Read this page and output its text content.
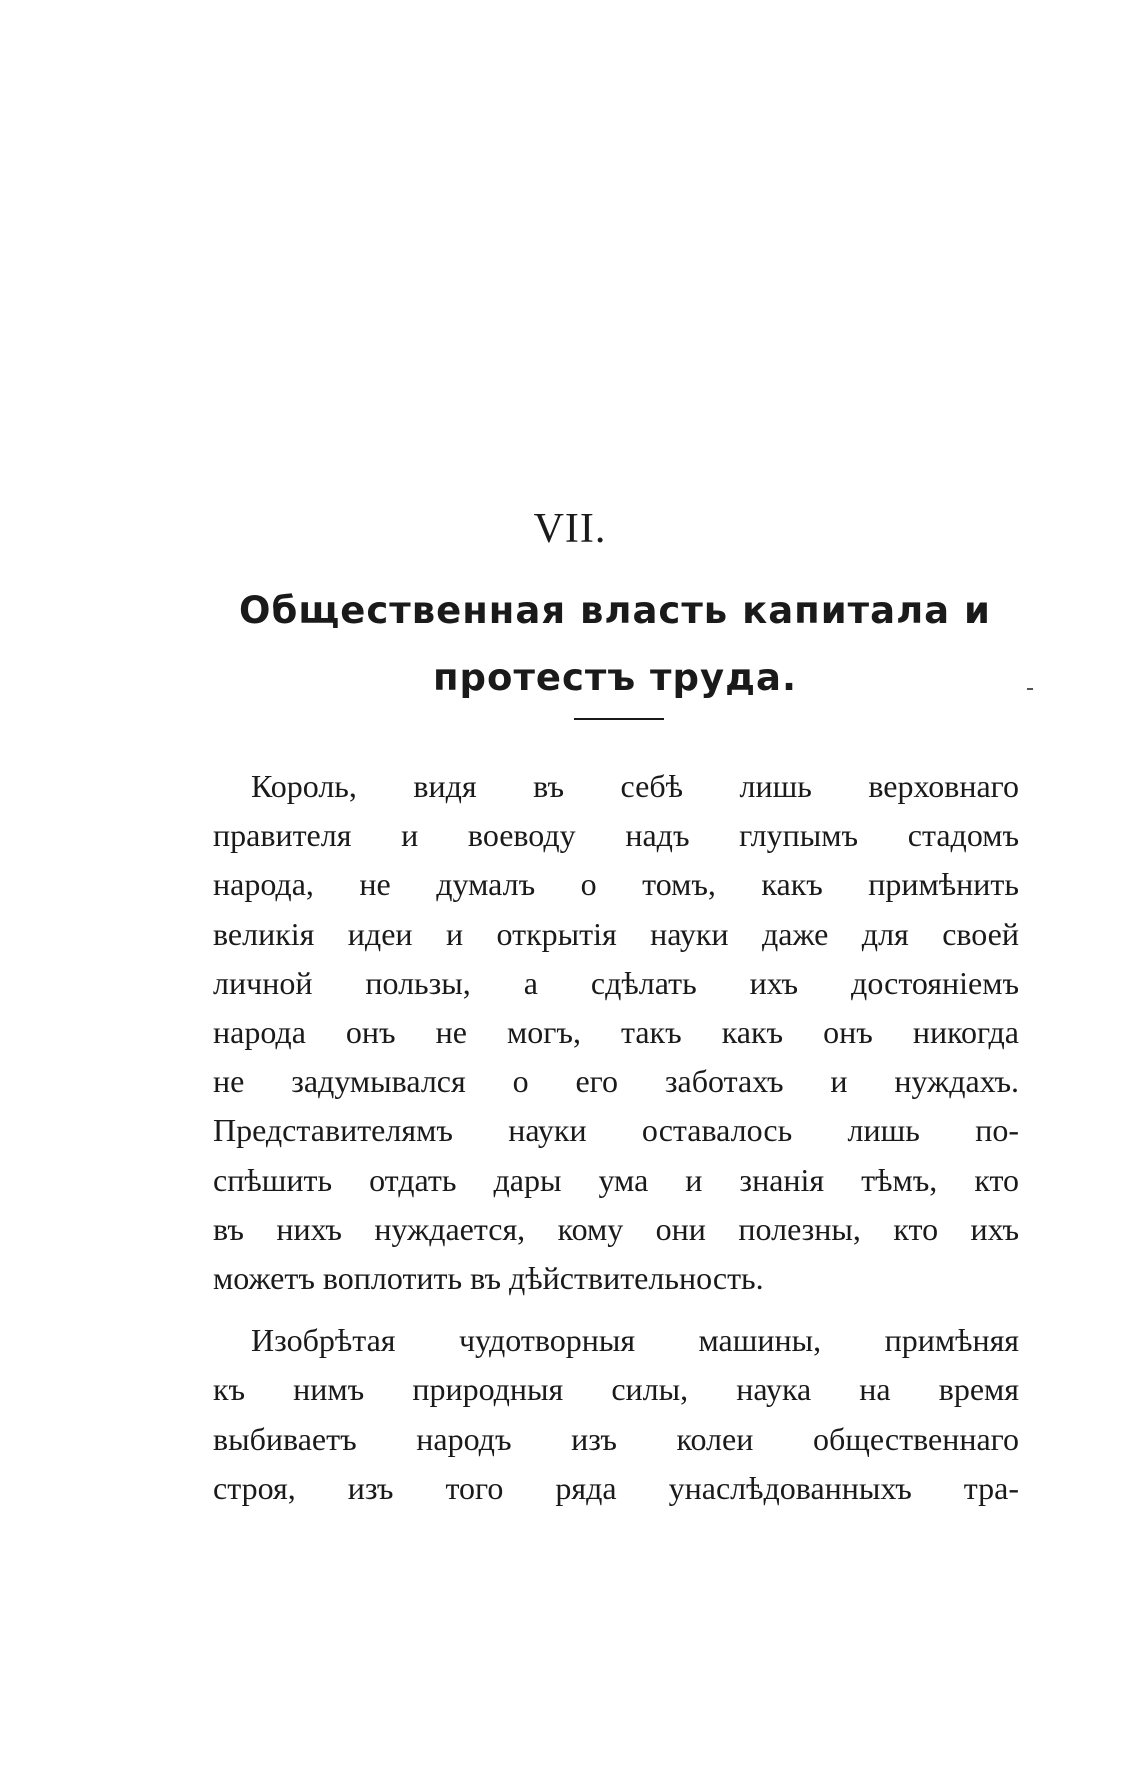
VII.
Общественная власть капитала и
протестъ труда.
Король, видя въ себѣ лишь верховнаго
правителя и воеводу надъ глупымъ стадомъ
народа, не думалъ о томъ, какъ примѣнить
великія идеи и открытія науки даже для своей
личной пользы, а сдѣлать ихъ достояніемъ
народа онъ не могъ, такъ какъ онъ никогда
не задумывался о его заботахъ и нуждахъ.
Представителямъ науки оставалось лишь по-
спѣшить отдать дары ума и знанія тѣмъ, кто
въ нихъ нуждается, кому они полезны, кто ихъ
можетъ воплотить въ дѣйствительность.
Изобрѣтая чудотворныя машины, примѣняя
къ нимъ природныя силы, наука на время
выбиваетъ народъ изъ колеи общественнаго
строя, изъ того ряда унаслѣдованныхъ тра-
